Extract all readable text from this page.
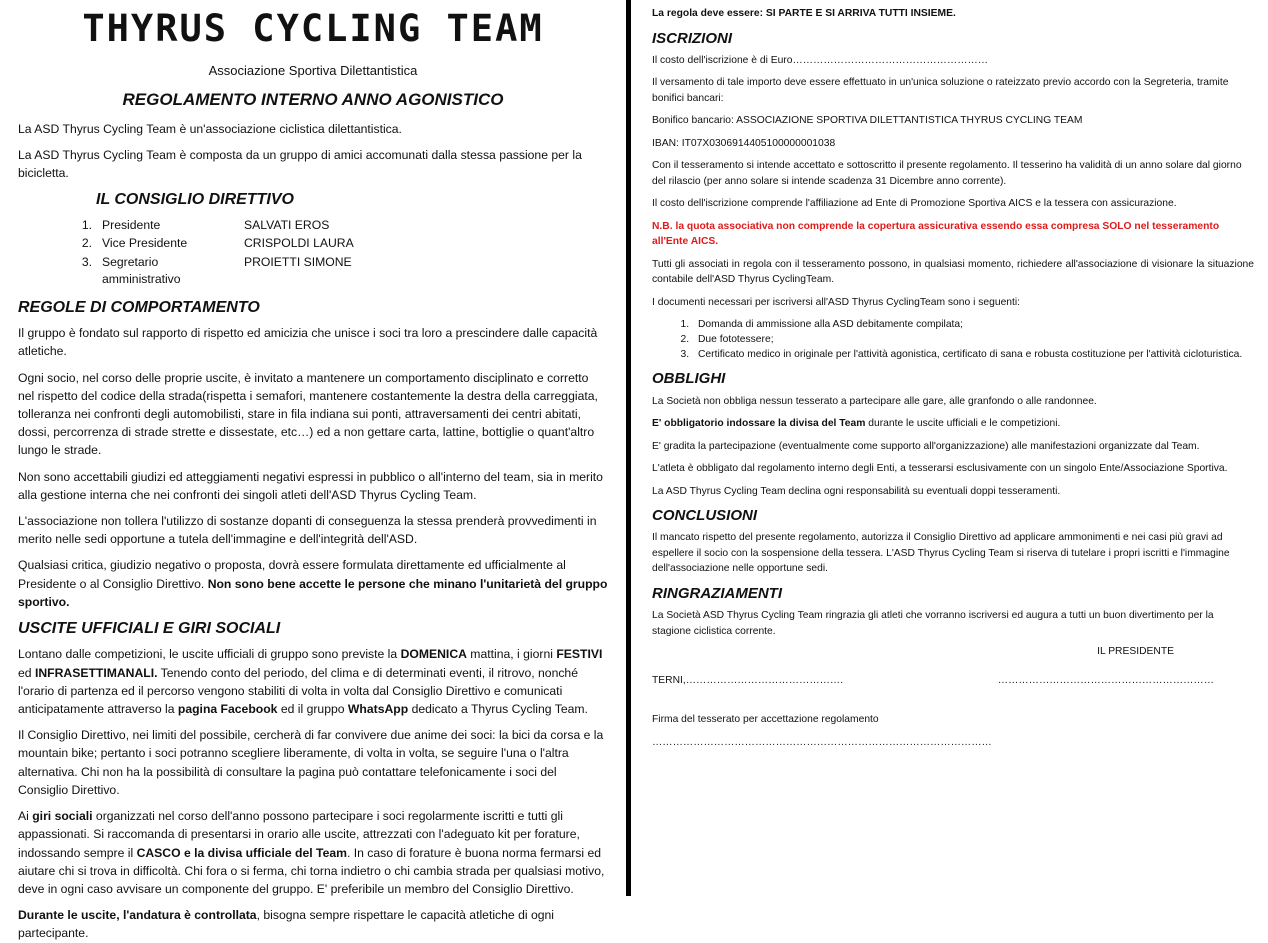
THYRUS CYCLING TEAM
Associazione Sportiva Dilettantistica
REGOLAMENTO INTERNO ANNO AGONISTICO

La ASD Thyrus Cycling Team è un'associazione ciclistica dilettantistica.

La ASD Thyrus Cycling Team è composta da un gruppo di amici accomunati dalla stessa passione per la bicicletta.

IL CONSIGLIO DIRETTIVO
1.	Presidente	SALVATI EROS
2.	Vice Presidente	CRISPOLDI LAURA
3.	Segretario amministrativo	PROIETTI SIMONE
REGOLE DI COMPORTAMENTO

Il gruppo è fondato sul rapporto di rispetto ed amicizia che unisce i soci tra loro a prescindere dalle capacità atletiche.

Ogni socio, nel corso delle proprie uscite, è invitato a mantenere un comportamento disciplinato e corretto nel rispetto del codice della strada(rispetta i semafori, mantenere costantemente la destra della carreggiata, tolleranza nei confronti degli automobilisti, stare in fila indiana sui ponti, attraversamenti dei centri abitati, dossi, percorrenza di strade strette e dissestate, etc…) ed a non gettare carta, lattine, bottiglie o quant'altro lungo le strade.

Non sono accettabili giudizi ed atteggiamenti negativi espressi in pubblico o all'interno del team, sia in merito alla gestione interna che nei confronti dei singoli atleti dell'ASD Thyrus Cycling Team.

L'associazione non tollera l'utilizzo di sostanze dopanti di conseguenza la stessa prenderà provvedimenti in merito nelle sedi opportune a tutela dell'immagine e dell'integrità dell'ASD.

Qualsiasi critica, giudizio negativo o proposta, dovrà essere formulata direttamente ed ufficialmente al Presidente o al Consiglio Direttivo. Non sono bene accette le persone che minano l'unitarietà del gruppo sportivo.

USCITE UFFICIALI E GIRI SOCIALI

Lontano dalle competizioni, le uscite ufficiali di gruppo sono previste la DOMENICA mattina, i giorni FESTIVI ed INFRASETTIMANALI. Tenendo conto del periodo, del clima e di determinati eventi, il ritrovo, nonché l'orario di partenza ed il percorso vengono stabiliti di volta in volta dal Consiglio Direttivo e comunicati anticipatamente attraverso la pagina Facebook ed il gruppo WhatsApp dedicato a Thyrus Cycling Team.

Il Consiglio Direttivo, nei limiti del possibile, cercherà di far convivere due anime dei soci: la bici da corsa e la mountain bike; pertanto i soci potranno scegliere liberamente, di volta in volta, se seguire l'una o l'altra alternativa. Chi non ha la possibilità di consultare la pagina può contattare telefonicamente i soci del Consiglio Direttivo.

Ai giri sociali organizzati nel corso dell'anno possono partecipare i soci regolarmente iscritti e tutti gli appassionati. Si raccomanda di presentarsi in orario alle uscite, attrezzati con l'adeguato kit per forature, indossando sempre il CASCO e la divisa ufficiale del Team. In caso di forature è buona norma fermarsi ed aiutare chi si trova in difficoltà. Chi fora o si ferma, chi torna indietro o chi cambia strada per qualsiasi motivo, deve in ogni caso avvisare un componente del gruppo. E' preferibile un membro del Consiglio Direttivo.

Durante le uscite, l'andatura è controllata, bisogna sempre rispettare le capacità atletiche di ogni partecipante.

La regola deve essere: SI PARTE E SI ARRIVA TUTTI INSIEME.

ISCRIZIONI

Il costo dell'iscrizione è di Euro…………………………………………………

Il versamento di tale importo deve essere effettuato in un'unica soluzione o rateizzato previo accordo con la Segreteria, tramite bonifici bancari:

Bonifico bancario: ASSOCIAZIONE SPORTIVA DILETTANTISTICA THYRUS CYCLING TEAM

IBAN: IT07X0306914405100000001038

Con il tesseramento si intende accettato e sottoscritto il presente regolamento. Il tesserino ha validità di un anno solare dal giorno del rilascio (per anno solare si intende scadenza 31 Dicembre anno corrente).

Il costo dell'iscrizione comprende l'affiliazione ad Ente di Promozione Sportiva AICS e la tessera con assicurazione.

N.B. la quota associativa non comprende la copertura assicurativa essendo essa compresa SOLO nel tesseramento all'Ente AICS.

Tutti gli associati in regola con il tesseramento possono, in qualsiasi momento, richiedere all'associazione di visionare la situazione contabile dell'ASD Thyrus CyclingTeam.

I documenti necessari per iscriversi all'ASD Thyrus CyclingTeam sono i seguenti:

1. Domanda di ammissione alla ASD debitamente compilata;
2. Due fototessere;
3. Certificato medico in originale per l'attività agonistica, certificato di sana e robusta costituzione per l'attività cicloturistica.
OBBLIGHI

La Società non obbliga nessun tesserato a partecipare alle gare, alle granfondo o alle randonnee.

E' obbligatorio indossare la divisa del Team durante le uscite ufficiali e le competizioni.

E' gradita la partecipazione (eventualmente come supporto all'organizzazione) alle manifestazioni organizzate dal Team.

L'atleta è obbligato dal regolamento interno degli Enti, a tesserarsi esclusivamente con un singolo Ente/Associazione Sportiva.

La ASD Thyrus Cycling Team declina ogni responsabilità su eventuali doppi tesseramenti.

CONCLUSIONI

Il mancato rispetto del presente regolamento, autorizza il Consiglio Direttivo ad applicare ammonimenti e nei casi più gravi ad espellere il socio con la sospensione della tessera. L'ASD Thyrus Cycling Team si riserva di tutelare i propri iscritti e l'immagine dell'associazione nelle opportune sedi.

RINGRAZIAMENTI

La Società ASD Thyrus Cycling Team ringrazia gli atleti che vorranno iscriversi ed augura a tutti un buon divertimento per la stagione ciclistica corrente.

IL PRESIDENTE
TERNI,……………………………………….	………………………………………………………

Firma del tesserato per accettazione regolamento

………………………………………………………………………………………
